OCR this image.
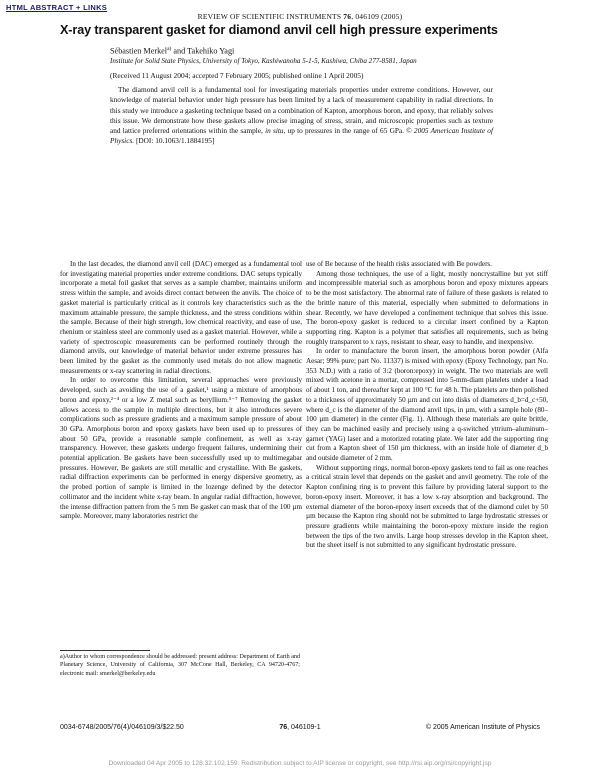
HTML ABSTRACT + LINKS
REVIEW OF SCIENTIFIC INSTRUMENTS 76, 046109 (2005)
X-ray transparent gasket for diamond anvil cell high pressure experiments
Sébastien Merkel$^{a)}$ and Takehiko Yagi
Institute for Solid State Physics, University of Tokyo, Kashiwanoha 5-1-5, Kashiwa, Chiba 277-8581, Japan
(Received 11 August 2004; accepted 7 February 2005; published online 1 April 2005)
The diamond anvil cell is a fundamental tool for investigating materials properties under extreme conditions. However, our knowledge of material behavior under high pressure has been limited by a lack of measurement capability in radial directions. In this study we introduce a gasketing technique based on a combination of Kapton, amorphous boron, and epoxy, that reliably solves this issue. We demonstrate how these gaskets allow precise imaging of stress, strain, and microscopic properties such as texture and lattice preferred orientations within the sample, in situ, up to pressures in the range of 65 GPa. © 2005 American Institute of Physics. [DOI: 10.1063/1.1884195]

In the last decades, the diamond anvil cell (DAC) emerged as a fundamental tool for investigating material properties under extreme conditions. DAC setups typically incorporate a metal foil gasket that serves as a sample chamber, maintains uniform stress within the sample, and avoids direct contact between the anvils. The choice of gasket material is particularly critical as it controls key characteristics such as the maximum attainable pressure, the sample thickness, and the stress conditions within the sample. Because of their high strength, low chemical reactivity, and ease of use, rhenium or stainless steel are commonly used as a gasket material. However, while a variety of spectroscopic measurements can be performed routinely through the diamond anvils, our knowledge of material behavior under extreme pressures has been limited by the gasket as the commonly used metals do not allow magnetic measurements or x-ray scattering in radial directions.

In order to overcome this limitation, several approaches were previously developed, such as avoiding the use of a gasket,¹ using a mixture of amorphous boron and epoxy,²⁻⁴ or a low Z metal such as beryllium.⁵⁻⁷ Removing the gasket allows access to the sample in multiple directions, but it also introduces severe complications such as pressure gradients and a maximum sample pressure of about 30 GPa. Amorphous boron and epoxy gaskets have been used up to pressures of about 50 GPa, provide a reasonable sample confinement, as well as x-ray transparency. However, these gaskets undergo frequent failures, undermining their potential application. Be gaskets have been successfully used up to multimegabar pressures. However, Be gaskets are still metallic and crystalline. With Be gaskets, radial diffraction experiments can be performed in energy dispersive geometry, as the probed portion of sample is limited in the lozenge defined by the detector collimator and the incident white x-ray beam. In angular radial diffraction, however, the intense diffraction pattern from the 5 mm Be gasket can mask that of the 100 µm sample. Moreover, many laboratories restrict the

use of Be because of the health risks associated with Be powders.

Among those techniques, the use of a light, mostly noncrystalline but yet stiff and incompressible material such as amorphous boron and epoxy mixtures appears to be the most satisfactory. The abnormal rate of failure of these gaskets is related to the brittle nature of this material, especially when submitted to deformations in shear. Recently, we have developed a confinement technique that solves this issue. The boron-epoxy gasket is reduced to a circular insert confined by a Kapton supporting ring. Kapton is a polymer that satisfies all requirements, such as being roughly transparent to x rays, resistant to shear, easy to handle, and inexpensive.

In order to manufacture the boron insert, the amorphous boron powder (Alfa Aesar; 99% pure; part No. 11337) is mixed with epoxy (Epoxy Technology, part No. 353 N.D.) with a ratio of 3:2 (boron:epoxy) in weight. The two materials are well mixed with acetone in a mortar, compressed into 5-mm-diam platelets under a load of about 1 ton, and thereafter kept at 100 °C for 48 h. The platelets are then polished to a thickness of approximately 50 µm and cut into disks of diameters d_b=d_c+50, where d_c is the diameter of the diamond anvil tips, in µm, with a sample hole (80–100 µm diameter) in the center (Fig. 1). Although these materials are quite brittle, they can be machined easily and precisely using a q-switched yttrium–aluminum–garnet (YAG) laser and a motorized rotating plate. We later add the supporting ring cut from a Kapton sheet of 150 µm thickness, with an inside hole of diameter d_b and outside diameter of 2 mm.

Without supporting rings, normal boron-epoxy gaskets tend to fail as one reaches a critical strain level that depends on the gasket and anvil geometry. The role of the Kapton confining ring is to prevent this failure by providing lateral support to the boron-epoxy insert. Moreover, it has a low x-ray absorption and background. The external diameter of the boron-epoxy insert exceeds that of the diamond culet by 50 µm because the Kapton ring should not be submitted to large hydrostatic stresses or pressure gradients while maintaining the boron-epoxy mixture inside the region between the tips of the two anvils. Large hoop stresses develop in the Kapton sheet, but the sheet itself is not submitted to any significant hydrostatic pressure.

a)Author to whom correspondence should be addressed: present address: Department of Earth and Planetary Science, University of California, 307 McCone Hall, Berkeley, CA 94720-4767; electronic mail: smerkel@berkeley.edu
0034-6748/2005/76(4)/046109/3/$22.50	76, 046109-1	© 2005 American Institute of Physics
Downloaded 04 Apr 2005 to 128.32.102.159. Redistribution subject to AIP license or copyright, see http://rsi.aip.org/rsi/copyright.jsp
